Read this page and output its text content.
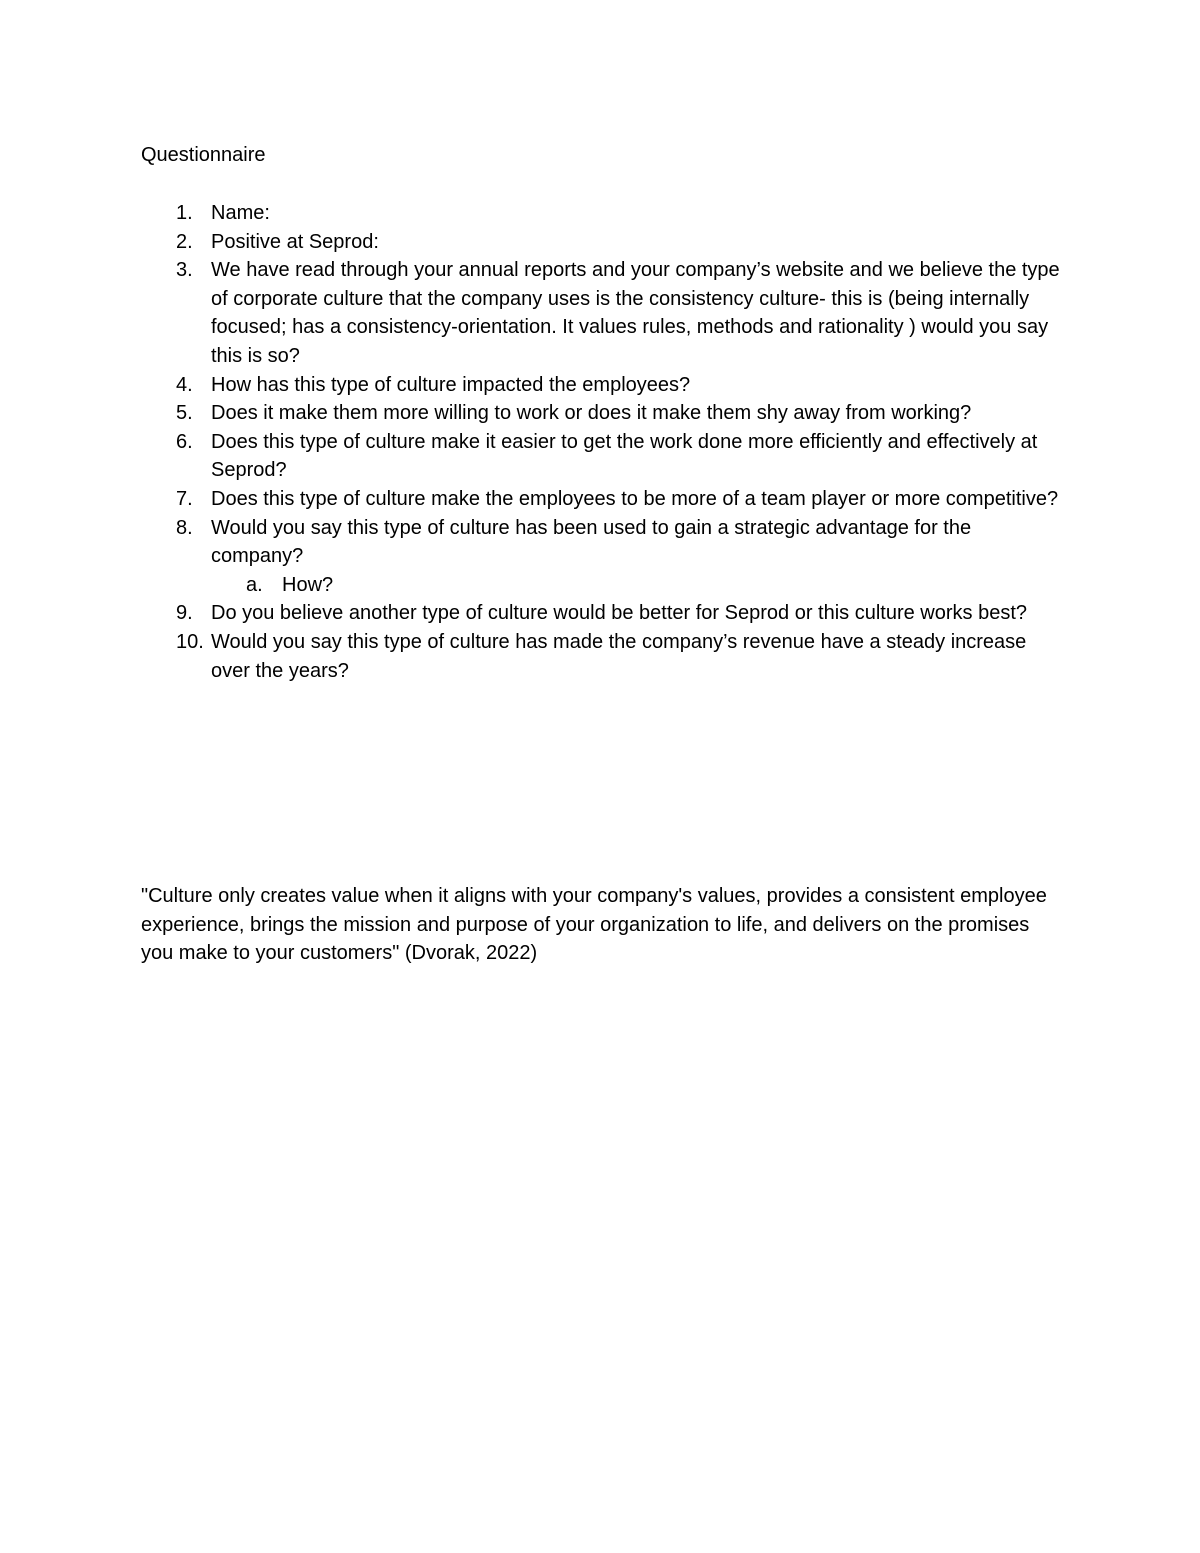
Questionnaire
1. Name:
2. Positive at Seprod:
3. We have read through your annual reports and your company’s website and we believe the type of corporate culture that the company uses is the consistency culture- this is (being internally focused; has a consistency-orientation. It values rules, methods and rationality ) would you say this is so?
4. How has this type of culture impacted the employees?
5. Does it make them more willing to work or does it make them shy away from working?
6. Does this type of culture make it easier to get the work done more efficiently and effectively at Seprod?
7. Does this type of culture make the employees to be more of a team player or more competitive?
8. Would you say this type of culture has been used to gain a strategic advantage for the company?
a. How?
9. Do you believe another type of culture would be better for Seprod or this culture works best?
10. Would you say this type of culture has made the company’s revenue have a steady increase over the years?

"Culture only creates value when it aligns with your company's values, provides a consistent employee experience, brings the mission and purpose of your organization to life, and delivers on the promises you make to your customers" (Dvorak, 2022)
